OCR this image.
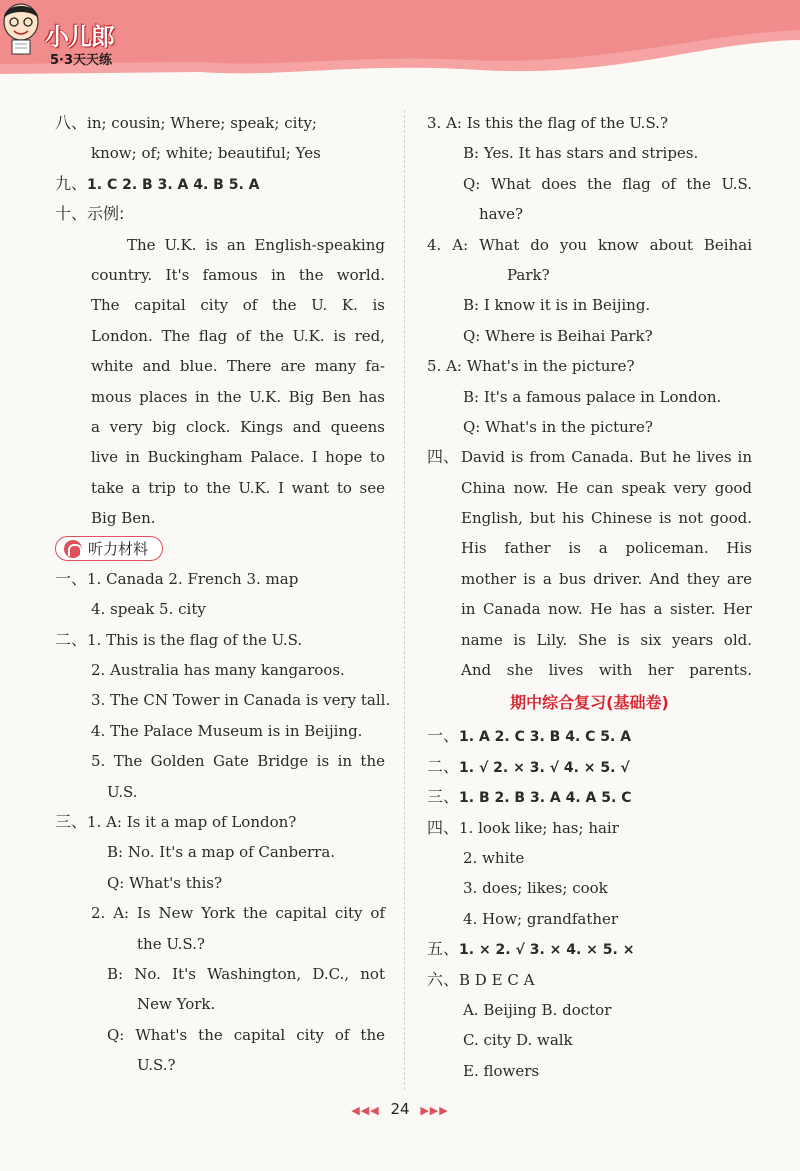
小儿郎
5·3天天练
八、in; cousin; Where; speak; city;
know; of; white; beautiful; Yes
九、1. C 2. B 3. A 4. B 5. A
十、示例:
The U.K. is an English-speaking
country. It's famous in the world.
The capital city of the U. K. is
London. The flag of the U.K. is red,
white and blue. There are many fa-
mous places in the U.K. Big Ben has
a very big clock. Kings and queens
live in Buckingham Palace. I hope to
take a trip to the U.K. I want to see
Big Ben.
听力材料
一、1. Canada 2. French 3. map
4. speak 5. city
二、1. This is the flag of the U.S.
2. Australia has many kangaroos.
3. The CN Tower in Canada is very tall.
4. The Palace Museum is in Beijing.
5. The Golden Gate Bridge is in the
U.S.
三、1. A: Is it a map of London?
B: No. It's a map of Canberra.
Q: What's this?
2. A: Is New York the capital city of
the U.S.?
B: No. It's Washington, D.C., not
New York.
Q: What's the capital city of the
U.S.?
3. A: Is this the flag of the U.S.?
B: Yes. It has stars and stripes.
Q: What does the flag of the U.S.
have?
4. A: What do you know about Beihai
Park?
B: I know it is in Beijing.
Q: Where is Beihai Park?
5. A: What's in the picture?
B: It's a famous palace in London.
Q: What's in the picture?
四、 David is from Canada. But he lives in
China now. He can speak very good
English, but his Chinese is not good.
His father is a policeman. His
mother is a bus driver. And they are
in Canada now. He has a sister. Her
name is Lily. She is six years old.
And she lives with her parents.
期中综合复习(基础卷)
一、1. A 2. C 3. B 4. C 5. A
二、1. √ 2. × 3. √ 4. × 5. √
三、1. B 2. B 3. A 4. A 5. C
四、1. look like; has; hair
2. white
3. does; likes; cook
4. How; grandfather
五、1. × 2. √ 3. × 4. × 5. ×
六、B D E C A
A. Beijing B. doctor
C. city D. walk
E. flowers
◀◀◀ 24 ▶▶▶
